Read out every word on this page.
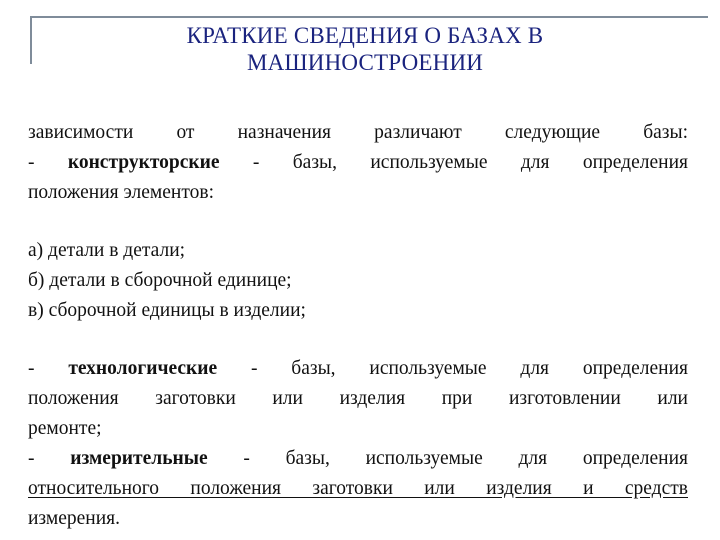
КРАТКИЕ СВЕДЕНИЯ О БАЗАХ В
МАШИНОСТРОЕНИИ
зависимости от назначения различают следующие базы:
- конструкторские - базы, используемые для определения
положения элементов:
а) детали в детали;
б) детали в сборочной единице;
в) сборочной единицы в изделии;
- технологические - базы, используемые для определения
положения заготовки или изделия при изготовлении или
ремонте;
- измерительные - базы, используемые для определения
относительного положения заготовки или изделия и средств
измерения.
